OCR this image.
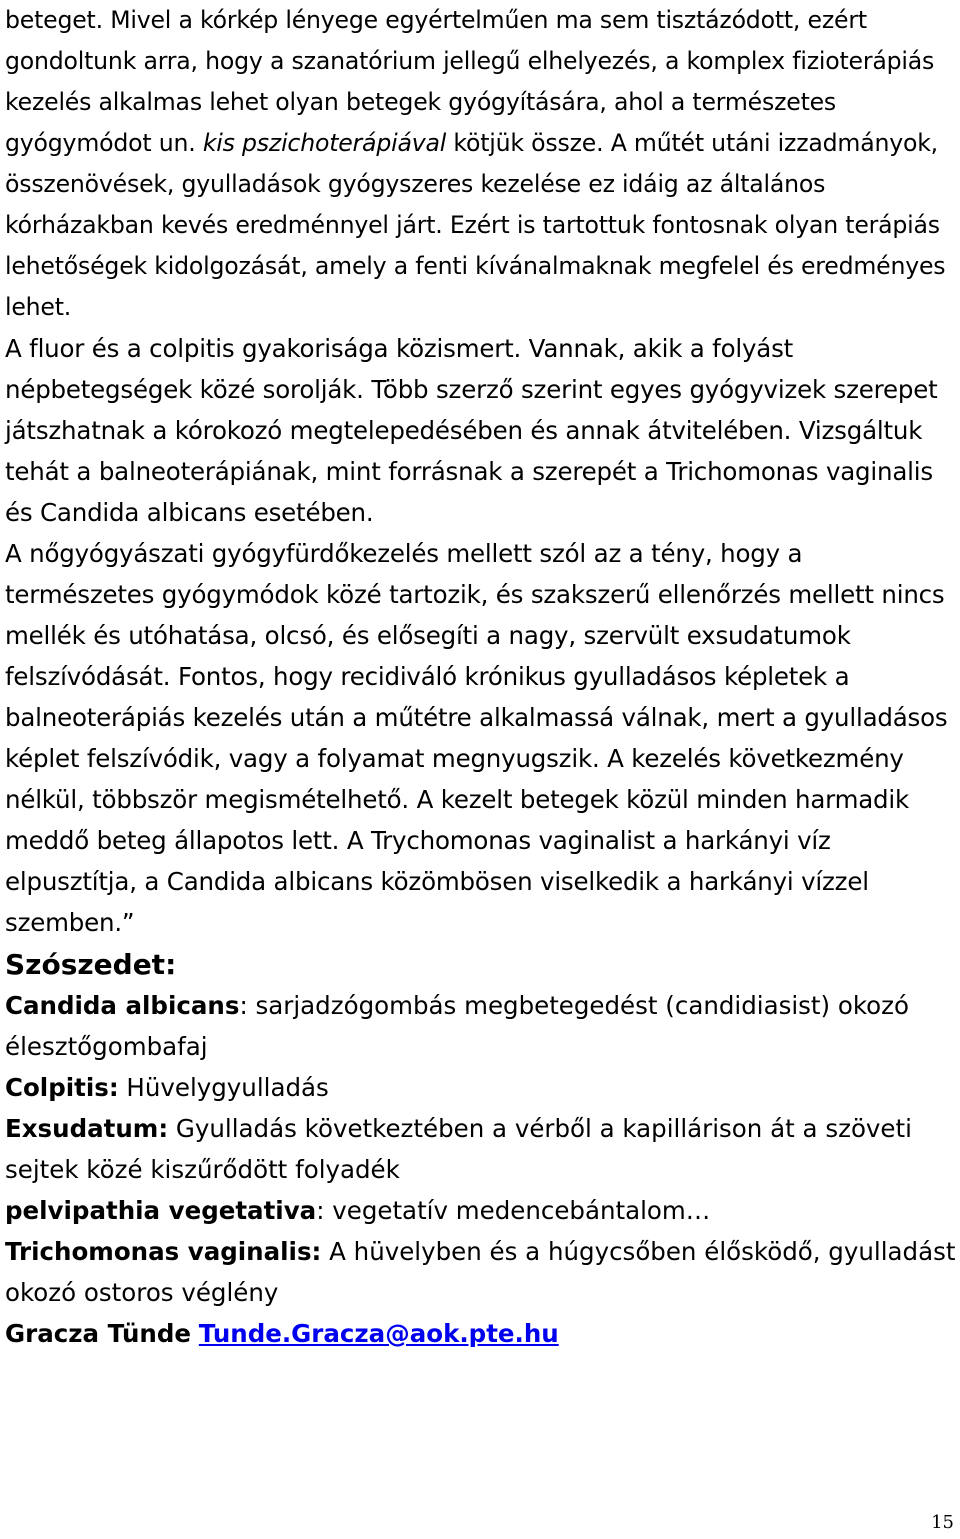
beteget. Mivel a kórkép lényege egyértelműen ma sem tisztázódott, ezért gondoltunk arra, hogy a szanatórium jellegű elhelyezés, a komplex fizioterápiás kezelés alkalmas lehet olyan betegek gyógyítására, ahol a természetes gyógymódot un. kis pszichoterápiával kötjük össze. A műtét utáni izzadmányok, összenövések, gyulladások gyógyszeres kezelése ez idáig az általános kórházakban kevés eredménnyel járt. Ezért is tartottuk fontosnak olyan terápiás lehetőségek kidolgozását, amely a fenti kívánalmaknak megfelel és eredményes lehet.

A fluor és a colpitis gyakorisága közismert. Vannak, akik a folyást népbetegségek közé sorolják. Több szerző szerint egyes gyógyvizek szerepet játszhatnak a kórokozó megtelepedésében és annak átvitelében. Vizsgáltuk tehát a balneoterápiának, mint forrásnak a szerepét a Trichomonas vaginalis és Candida albicans esetében.

A nőgyógyászati gyógyfürdőkezelés mellett szól az a tény, hogy a természetes gyógymódok közé tartozik, és szakszerű ellenőrzés mellett nincs mellék és utóhatása, olcsó, és elősegíti a nagy, szervült exsudatumok felszívódását. Fontos, hogy recidiváló krónikus gyulladásos képletek a balneoterápiás kezelés után a műtétre alkalmassá válnak, mert a gyulladásos képlet felszívódik, vagy a folyamat megnyugszik. A kezelés következmény nélkül, többször megismételhető. A kezelt betegek közül minden harmadik meddő beteg állapotos lett. A Trychomonas vaginalist a harkányi víz elpusztítja, a Candida albicans közömbösen viselkedik a harkányi vízzel szemben.”

Szószedet:

Candida albicans: sarjadzógombás megbetegedést (candidiasist) okozó élesztőgombafaj

Colpitis: Hüvelygyulladás

Exsudatum: Gyulladás következtében a vérből a kapillárison át a szöveti sejtek közé kiszűrődött folyadék

pelvipathia vegetativa: vegetatív medencebántalom…

Trichomonas vaginalis: A hüvelyben és a húgycsőben élősködő, gyulladást okozó ostoros véglény

Gracza Tünde Tunde.Gracza@aok.pte.hu

15
